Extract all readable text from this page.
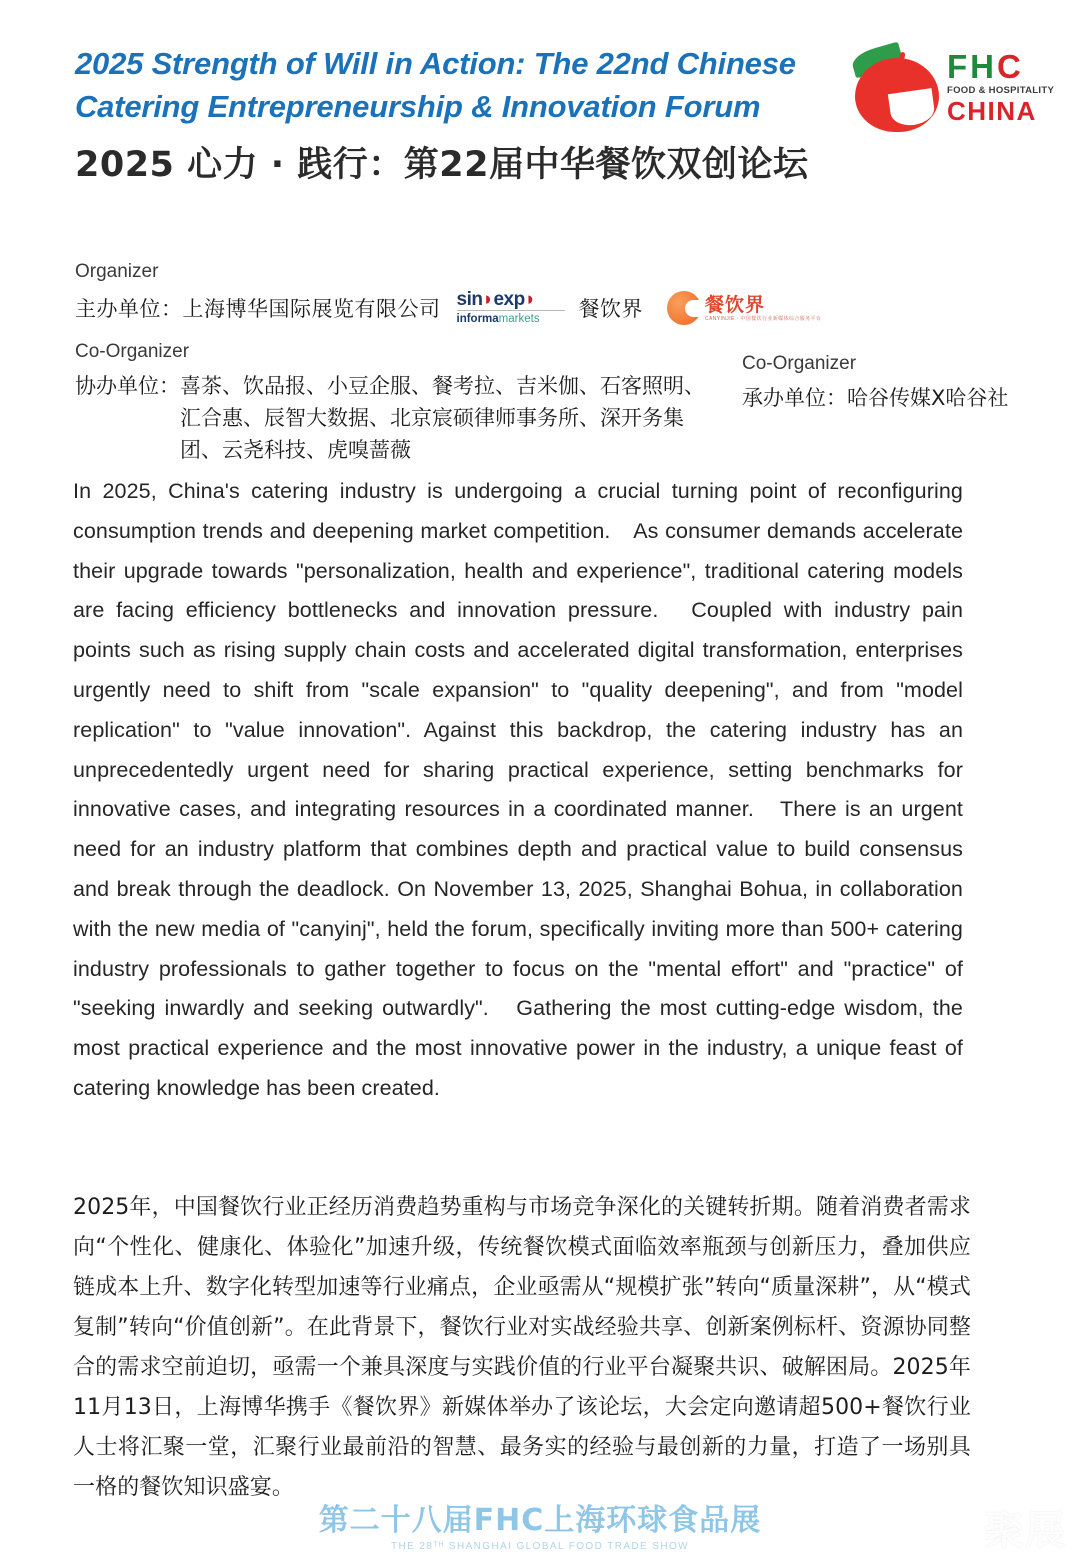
2025 Strength of Will in Action: The 22nd Chinese Catering Entrepreneurship & Innovation Forum
2025 心力 · 践行：第22届中华餐饮双创论坛
FHC
FOOD & HOSPITALITY
CHINA
Organizer
主办单位：上海博华国际展览有限公司 sin◗exp◗
informamarkets	餐饮界	餐饮界
CANYINJIE · 中国餐饮行业新媒体综合服务平台
Co-Organizer
协办单位： 喜茶、饮品报、小豆企服、餐考拉、吉米伽、石客照明、汇合惠、辰智大数据、北京宸硕律师事务所、深开务集团、云尧科技、虎嗅蔷薇
Co-Organizer
承办单位：哈谷传媒X哈谷社
In 2025, China's catering industry is undergoing a crucial turning point of reconfiguring consumption trends and deepening market competition.　As consumer demands accelerate their upgrade towards "personalization, health and experience", traditional catering models are facing efficiency bottlenecks and innovation pressure.　Coupled with industry pain points such as rising supply chain costs and accelerated digital transformation, enterprises urgently need to shift from "scale expansion" to "quality deepening", and from "model replication" to "value innovation". Against this backdrop, the catering industry has an unprecedentedly urgent need for sharing practical experience, setting benchmarks for innovative cases, and integrating resources in a coordinated manner.　There is an urgent need for an industry platform that combines depth and practical value to build consensus and break through the deadlock. On November 13, 2025, Shanghai Bohua, in collaboration with the new media of "canyinj", held the forum, specifically inviting more than 500+ catering industry professionals to gather together to focus on the "mental effort" and "practice" of "seeking inwardly and seeking outwardly".　Gathering the most cutting-edge wisdom, the most practical experience and the most innovative power in the industry, a unique feast of catering knowledge has been created.
2025年，中国餐饮行业正经历消费趋势重构与市场竞争深化的关键转折期。随着消费者需求向“个性化、健康化、体验化”加速升级，传统餐饮模式面临效率瓶颈与创新压力，叠加供应链成本上升、数字化转型加速等行业痛点，企业亟需从“规模扩张”转向“质量深耕”，从“模式复制”转向“价值创新”。在此背景下，餐饮行业对实战经验共享、创新案例标杆、资源协同整合的需求空前迫切，亟需一个兼具深度与实践价值的行业平台凝聚共识、破解困局。2025年11月13日，上海博华携手《餐饮界》新媒体举办了该论坛，大会定向邀请超500+餐饮行业人士将汇聚一堂，汇聚行业最前沿的智慧、最务实的经验与最创新的力量，打造了一场别具一格的餐饮知识盛宴。
第二十八届FHC上海环球食品展
THE 28ᵀᴴ SHANGHAI GLOBAL FOOD TRADE SHOW	聚展
